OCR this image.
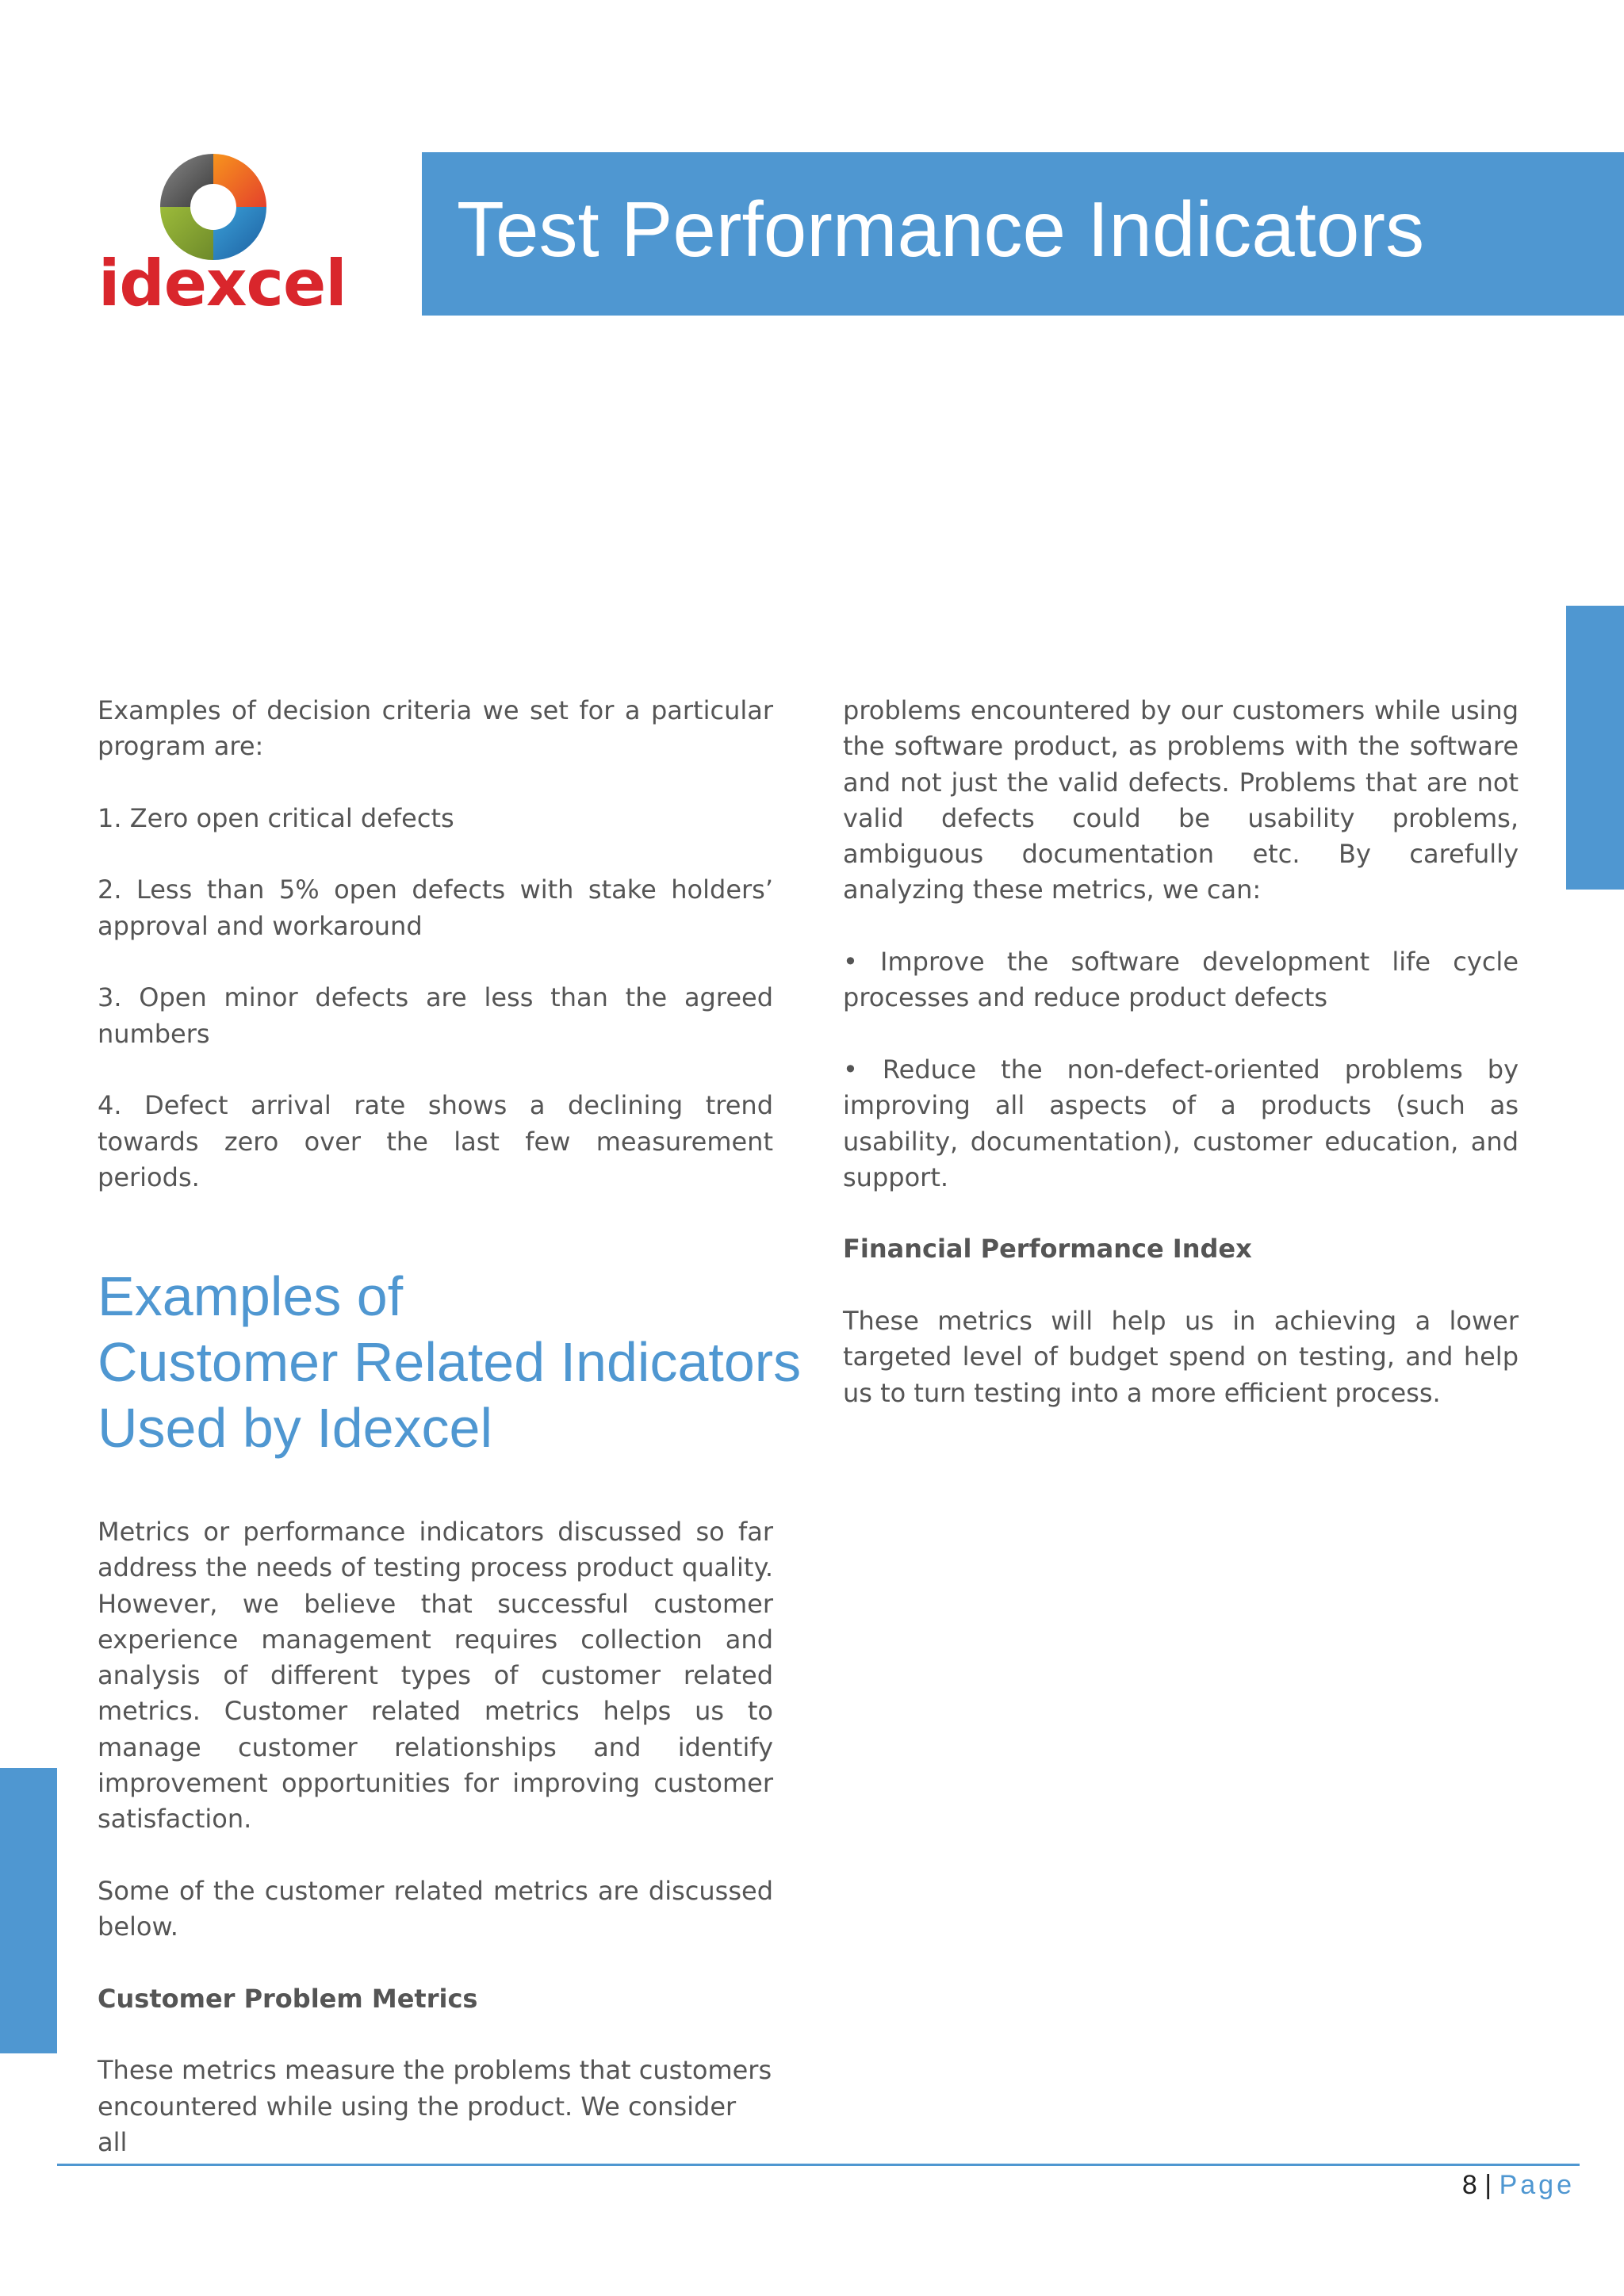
idexcel
Test Performance Indicators

Examples of decision criteria we set for a particular program are:

1. Zero open critical defects

2. Less than 5% open defects with stake holders’ approval and workaround

3. Open minor defects are less than the agreed numbers

4. Defect arrival rate shows a declining trend towards zero over the last few measurement periods.

Examples of
Customer Related Indicators
Used by Idexcel

Metrics or performance indicators discussed so far address the needs of testing process product quality. However, we believe that successful customer experience management requires collection and analysis of different types of customer related metrics. Customer related metrics helps us to manage customer relationships and identify improvement opportunities for improving customer satisfaction.

Some of the customer related metrics are discussed below.

Customer Problem Metrics

These metrics measure the problems that customers encountered while using the product. We consider all

problems encountered by our customers while using the software product, as problems with the software and not just the valid defects. Problems that are not valid defects could be usability problems, ambiguous documentation etc. By carefully analyzing these metrics, we can:

• Improve the software development life cycle processes and reduce product defects

• Reduce the non-defect-oriented problems by improving all aspects of a products (such as usability, documentation), customer education, and support.

Financial Performance Index

These metrics will help us in achieving a lower targeted level of budget spend on testing, and help us to turn testing into a more efficient process.

8 | Page
